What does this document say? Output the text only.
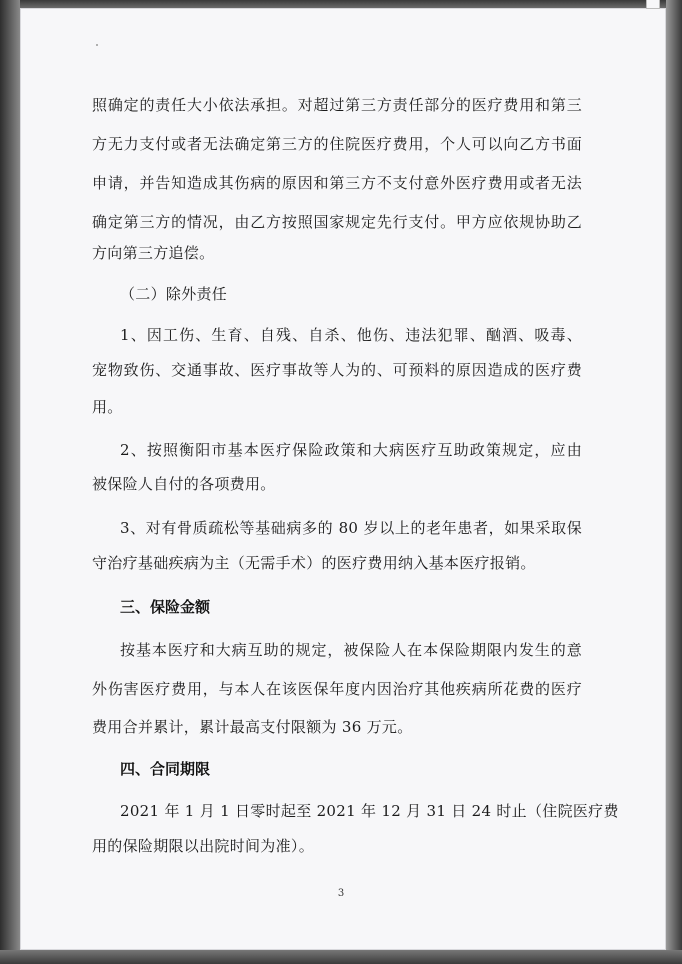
照确定的责任大小依法承担。对超过第三方责任部分的医疗费用和第三
方无力支付或者无法确定第三方的住院医疗费用，个人可以向乙方书面
申请，并告知造成其伤病的原因和第三方不支付意外医疗费用或者无法
确定第三方的情况，由乙方按照国家规定先行支付。甲方应依规协助乙
方向第三方追偿。
（二）除外责任
1、因工伤、生育、自残、自杀、他伤、违法犯罪、酗酒、吸毒、
宠物致伤、交通事故、医疗事故等人为的、可预料的原因造成的医疗费
用。
2、按照衡阳市基本医疗保险政策和大病医疗互助政策规定，应由
被保险人自付的各项费用。
3、对有骨质疏松等基础病多的 80 岁以上的老年患者，如果采取保
守治疗基础疾病为主（无需手术）的医疗费用纳入基本医疗报销。
三、保险金额
按基本医疗和大病互助的规定，被保险人在本保险期限内发生的意
外伤害医疗费用，与本人在该医保年度内因治疗其他疾病所花费的医疗
费用合并累计，累计最高支付限额为 36 万元。
四、合同期限
2021 年 1 月 1 日零时起至 2021 年 12 月 31 日 24 时止（住院医疗费
用的保险期限以出院时间为准）。
3
